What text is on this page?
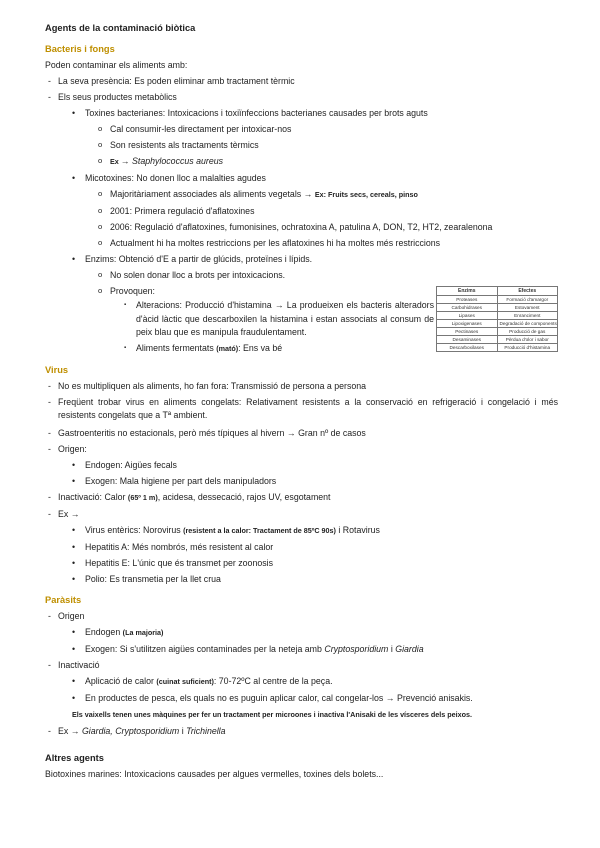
Agents de la contaminació biòtica
Bacteris i fongs
Poden contaminar els aliments amb:
- La seva presència: Es poden eliminar amb tractament tèrmic
- Els seus productes metabòlics
•	Toxines bacterianes: Intoxicacions i toxiïnfeccions bacterianes causades per brots aguts
o Cal consumir-les directament per intoxicar-nos
o Son resistents als tractaments tèrmics
o	Ex → Staphylococcus aureus
•	Micotoxines: No donen lloc a malalties agudes
o Majoritàriament associades als aliments vegetals → Ex: Fruits secs, cereals, pinso
o 2001: Primera regulació d'aflatoxines
o 2006: Regulació d'aflatoxines, fumonisines, ochratoxina A, patulina A, DON, T2, HT2, zearalenona
o Actualment hi ha moltes restriccions per les aflatoxines hi ha moltes més restriccions
•	Enzims: Obtenció d'E a partir de glúcids, proteïnes i lípids.
o No solen donar lloc a brots per intoxicacions.
o Provoquen:
▪	Alteracions: Producció d'histamina → La produeixen els bacteris alteradors d'àcid làctic que descarboxilen la histamina i estan associats al consum de peix blau que es manipula fraudulentament.
▪	Aliments fermentats (mató): Ens va bé
Virus
- No es multipliquen als aliments, ho fan fora: Transmissió de persona a persona
- Freqüent trobar virus en aliments congelats: Relativament resistents a la conservació en refrigeració i congelació i més resistents congelats que a Tª ambient.
- Gastroenteritis no estacionals, però més típiques al hivern → Gran nº de casos
- Origen:
•	Endogen: Aigües fecals
•	Exogen: Mala higiene per part dels manipuladors
- Inactivació: Calor (65º 1 m), acidesa, dessecació, rajos UV, esgotament
- Ex →
•	Virus entèrics: Norovirus (resistent a la calor: Tractament de 85ºC 90s) i Rotavirus
•	Hepatitis A: Més nombrós, més resistent al calor
•	Hepatitis E: L'únic que és transmet per zoonosis
•	Polio: Es transmetia per la llet crua
Paràsits
- Origen
•	Endogen (La majoria)
•	Exogen: Si s'utilitzen aigües contaminades per la neteja amb Cryptosporidium i Giardia
- Inactivació
•	Aplicació de calor (cuinat suficient): 70-72ºC al centre de la peça.
•	En productes de pesca, els quals no es puguin aplicar calor, cal congelar-los → Prevenció anisakis.
Els vaixells tenen unes màquines per fer un tractament per microones i inactiva l'Anisaki de les vísceres dels peixos.
- Ex → Giardia, Cryptosporidium i Trichinella
Altres agents
Biotoxines marines: Intoxicacions causades per algues vermelles, toxines dels bolets...
Enzims	Efectes
Proteases	Formació d'amargor
Carbohidrases	Estovament
Lipases	Enranciment
Lipoxigenases	Degradació de components
Pectinases	Producció de gas
Desaminases	Pèrdua d'olor i sabor
Descarboxilases	Producció d'histamina
